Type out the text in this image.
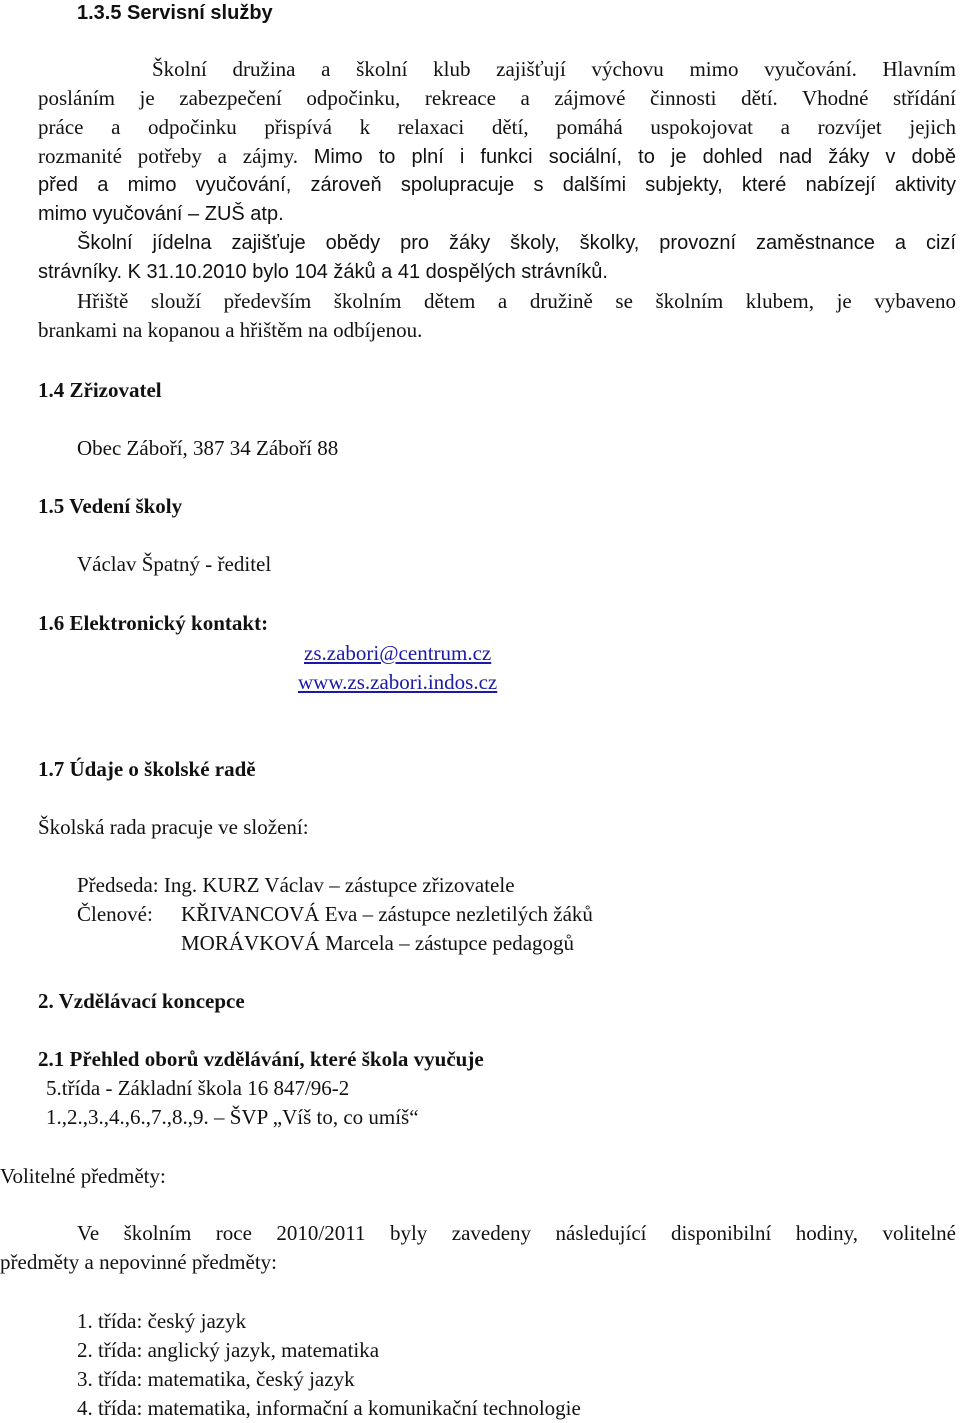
1.3.5 Servisní služby
Školní družina a školní klub zajišťují výchovu mimo vyučování. Hlavním
posláním je zabezpečení odpočinku, rekreace a zájmové činnosti dětí. Vhodné střídání
práce a odpočinku přispívá k relaxaci dětí, pomáhá uspokojovat a rozvíjet jejich
rozmanité potřeby a zájmy. Mimo to plní i funkci sociální, to je dohled nad žáky v době
před a mimo vyučování, zároveň spolupracuje s dalšími subjekty, které nabízejí aktivity
mimo vyučování – ZUŠ atp.
Školní jídelna zajišťuje obědy pro žáky školy, školky, provozní zaměstnance a cizí
strávníky. K 31.10.2010 bylo 104 žáků a 41 dospělých strávníků.
Hřiště slouží především školním dětem a družině se školním klubem, je vybaveno
brankami na kopanou a hřištěm na odbíjenou.
1.4 Zřizovatel
Obec Záboří, 387 34 Záboří 88
1.5 Vedení školy
Václav Špatný - ředitel
1.6 Elektronický kontakt:
zs.zabori@centrum.cz
www.zs.zabori.indos.cz
1.7 Údaje o školské radě
Školská rada pracuje ve složení:
Předseda: Ing. KURZ Václav – zástupce zřizovatele
Členové: KŘIVANCOVÁ Eva – zástupce nezletilých žáků
MORÁVKOVÁ Marcela – zástupce pedagogů
2. Vzdělávací koncepce
2.1 Přehled oborů vzdělávání, které škola vyučuje
5.třída - Základní škola 16 847/96-2
1.,2.,3.,4.,6.,7.,8.,9. – ŠVP „Víš to, co umíš“
Volitelné předměty:
Ve školním roce 2010/2011 byly zavedeny následující disponibilní hodiny, volitelné
předměty a nepovinné předměty:
1. třída: český jazyk
2. třída: anglický jazyk, matematika
3. třída: matematika, český jazyk
4. třída: matematika, informační a komunikační technologie
